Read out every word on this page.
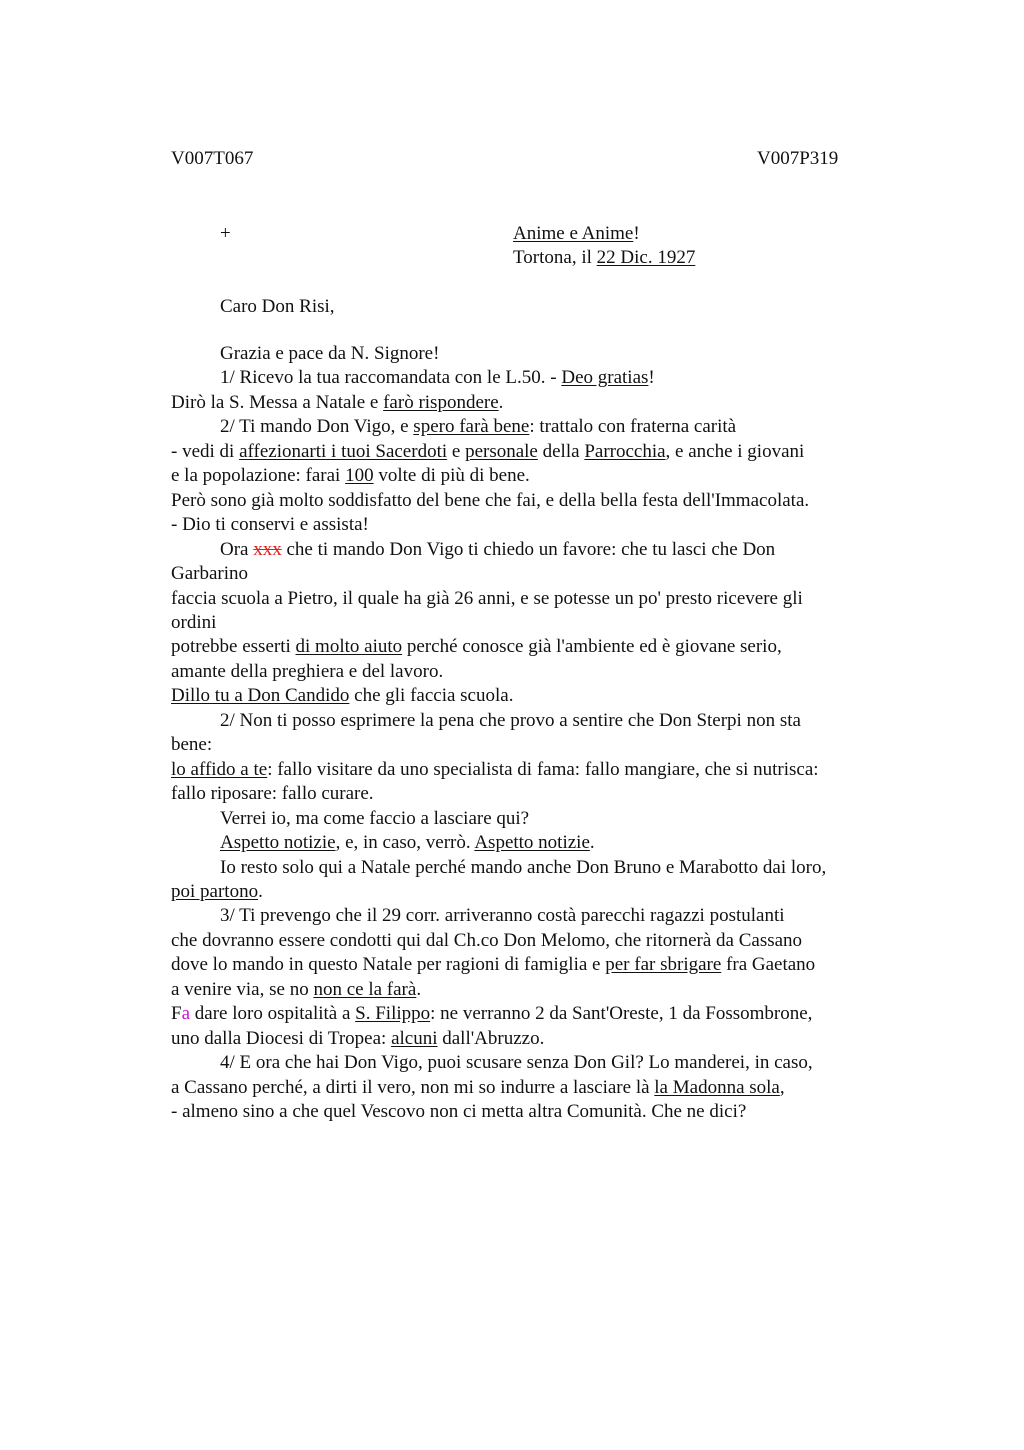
V007T067	V007P319
+	Anime e Anime!
Tortona, il 22 Dic. 1927
Caro Don Risi,

Grazia e pace da N. Signore!

1/ Ricevo la tua raccomandata con le L.50. - Deo gratias!

Dirò la S. Messa a Natale e farò rispondere.

2/ Ti mando Don Vigo, e spero farà bene: trattalo con fraterna carità

- vedi di affezionarti i tuoi Sacerdoti e personale della Parrocchia, e anche i giovani

e la popolazione: farai 100 volte di più di bene.

Però sono già molto soddisfatto del bene che fai, e della bella festa dell'Immacolata.

- Dio ti conservi e assista!

Ora xxx che ti mando Don Vigo ti chiedo un favore: che tu lasci che Don

Garbarino

faccia scuola a Pietro, il quale ha già 26 anni, e se potesse un po' presto ricevere gli

ordini

potrebbe esserti di molto aiuto perché conosce già l'ambiente ed è giovane serio,

amante della preghiera e del lavoro.

Dillo tu a Don Candido che gli faccia scuola.

2/ Non ti posso esprimere la pena che provo a sentire che Don Sterpi non sta

bene:

lo affido a te: fallo visitare da uno specialista di fama: fallo mangiare, che si nutrisca:

fallo riposare: fallo curare.

Verrei io, ma come faccio a lasciare qui?

Aspetto notizie, e, in caso, verrò. Aspetto notizie.

Io resto solo qui a Natale perché mando anche Don Bruno e Marabotto dai loro,

poi partono.

3/ Ti prevengo che il 29 corr. arriveranno costà parecchi ragazzi postulanti

che dovranno essere condotti qui dal Ch.co Don Melomo, che ritornerà da Cassano

dove lo mando in questo Natale per ragioni di famiglia e per far sbrigare fra Gaetano

a venire via, se no non ce la farà.

Fa dare loro ospitalità a S. Filippo: ne verranno 2 da Sant'Oreste, 1 da Fossombrone,

uno dalla Diocesi di Tropea: alcuni dall'Abruzzo.

4/ E ora che hai Don Vigo, puoi scusare senza Don Gil? Lo manderei, in caso,

a Cassano perché, a dirti il vero, non mi so indurre a lasciare là la Madonna sola,

- almeno sino a che quel Vescovo non ci metta altra Comunità. Che ne dici?
